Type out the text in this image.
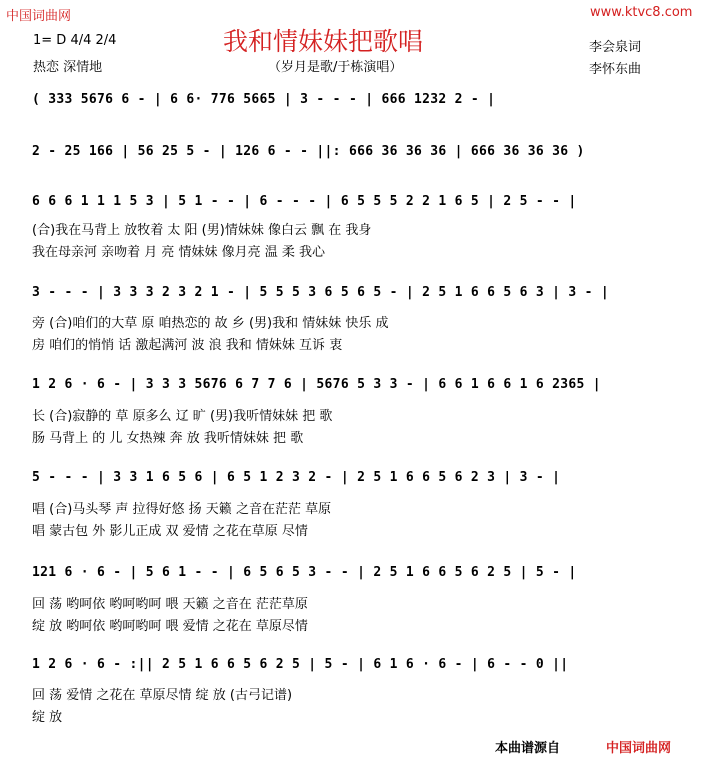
中国词曲网	www.ktvc8.com
我和情妹妹把歌唱
1= D 4/4 2/4
热恋 深情地	（岁月是歌/于栋演唱）
李会泉词
李怀东曲
( 333 5676 6 - | 6 6· 776 5665 | 3 - - - | 666 1232 2 - |
2 - 25 166 | 56 25 5 - | 126 6 - - ||: 666 36 36 36 | 666 36 36 36 )
6 6 6 1 1 1 5 3 | 5 1 - - | 6 - - - | 6 5 5 5 2 2 1 6 5 | 2 5 - - |
(合)我在马背上 放牧着 太 阳 (男)情妹妹 像白云 飘 在 我身
我在母亲河 亲吻着 月 亮 情妹妹 像月亮 温 柔 我心
3 - - - | 3 3 3 2 3 2 1 - | 5 5 5 3 6 5 6 5 - | 2 5 1 6 6 5 6 3 | 3 - |
旁 (合)咱们的大草 原 咱热恋的 故 乡 (男)我和 情妹妹 快乐 成
房 咱们的悄悄 话 激起满河 波 浪 我和 情妹妹 互诉 衷
1 2 6 · 6 - | 3 3 3 5676 6 7 7 6 | 5676 5 3 3 - | 6 6 1 6 6 1 6 2365 |
长 (合)寂静的 草 原多么 辽 旷 (男)我听情妹妹 把 歌
肠 马背上 的 儿 女热辣 奔 放 我听情妹妹 把 歌
5 - - - | 3 3 1 6 5 6 | 6 5 1 2 3 2 - | 2 5 1 6 6 5 6 2 3 | 3 - |
唱 (合)马头琴 声 拉得好悠 扬 天籁 之音在茫茫 草原
唱 蒙古包 外 影儿正成 双 爱情 之花在草原 尽情
121 6 · 6 - | 5 6 1 - - | 6 5 6 5 3 - - | 2 5 1 6 6 5 6 2 5 | 5 - |
回 荡 哟呵依 哟呵哟呵 喂 天籁 之音在 茫茫草原
绽 放 哟呵依 哟呵哟呵 喂 爱情 之花在 草原尽情
1 2 6 · 6 - :|| 2 5 1 6 6 5 6 2 5 | 5 - | 6 1 6 · 6 - | 6 - - 0 ||
回 荡 爱情 之花在 草原尽情 绽 放 (古弓记谱)
绽 放
本曲谱源自	中国词曲网
